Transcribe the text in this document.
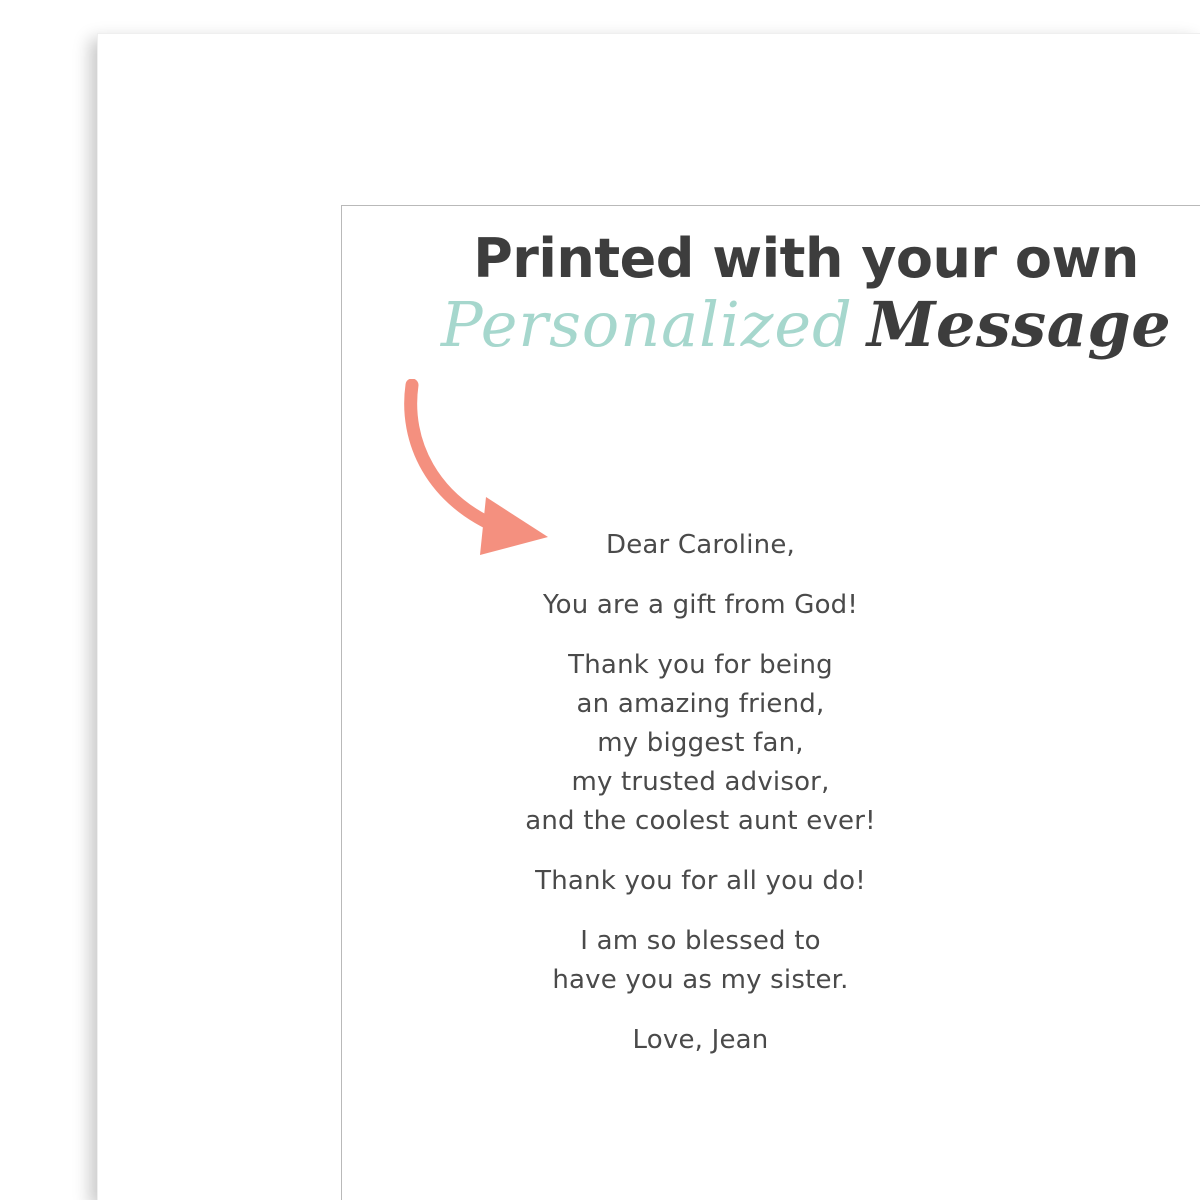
Printed with your own
Personalized Message

Dear Caroline,

You are a gift from God!

Thank you for being
an amazing friend,
my biggest fan,
my trusted advisor,
and the coolest aunt ever!

Thank you for all you do!

I am so blessed to
have you as my sister.

Love, Jean
